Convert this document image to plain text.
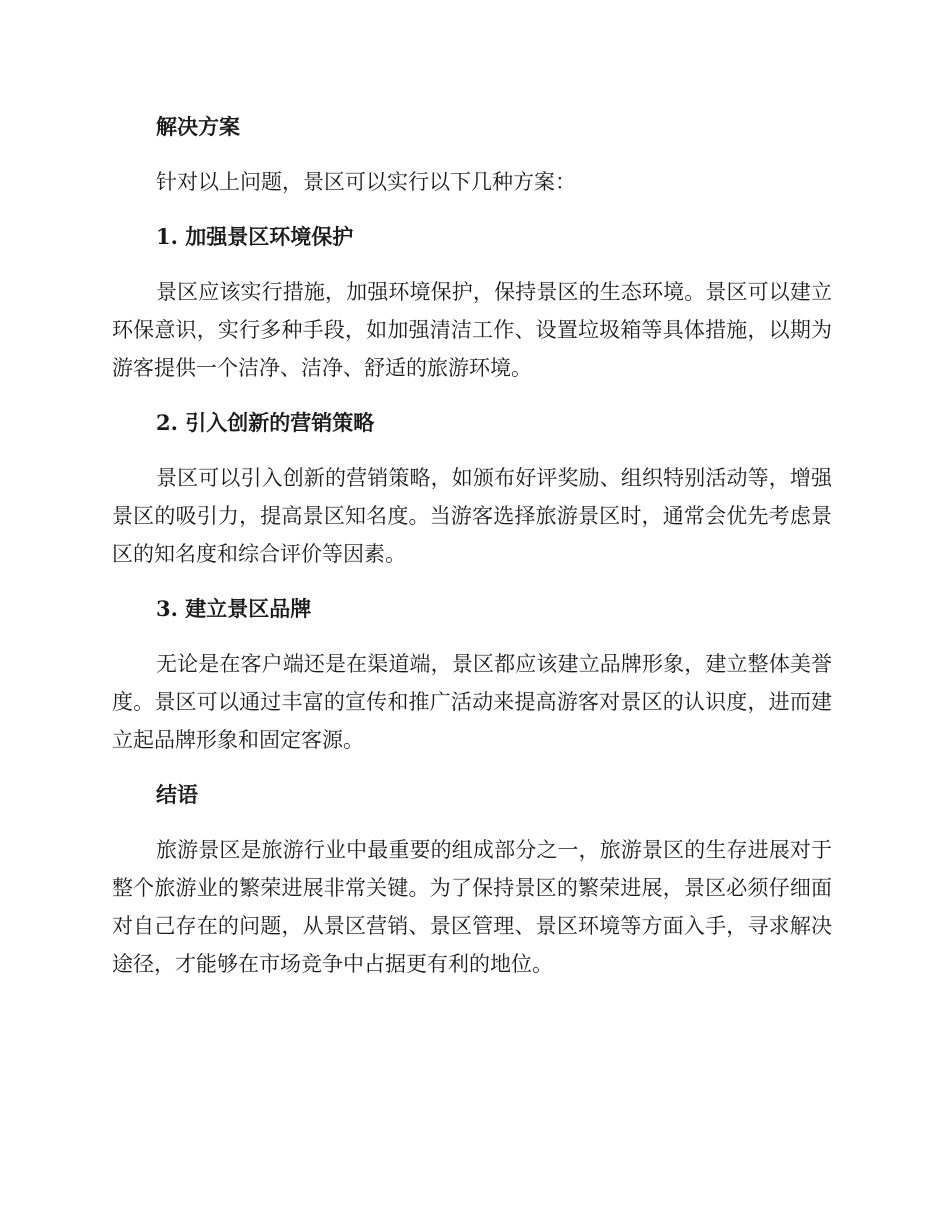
解决方案
针对以上问题，景区可以实行以下几种方案：
1. 加强景区环境保护
景区应该实行措施，加强环境保护，保持景区的生态环境。景区可以建立环保意识，实行多种手段，如加强清洁工作、设置垃圾箱等具体措施，以期为游客提供一个洁净、洁净、舒适的旅游环境。
2. 引入创新的营销策略
景区可以引入创新的营销策略，如颁布好评奖励、组织特别活动等，增强景区的吸引力，提高景区知名度。当游客选择旅游景区时，通常会优先考虑景区的知名度和综合评价等因素。
3. 建立景区品牌
无论是在客户端还是在渠道端，景区都应该建立品牌形象，建立整体美誉度。景区可以通过丰富的宣传和推广活动来提高游客对景区的认识度，进而建立起品牌形象和固定客源。
结语
旅游景区是旅游行业中最重要的组成部分之一，旅游景区的生存进展对于整个旅游业的繁荣进展非常关键。为了保持景区的繁荣进展，景区必须仔细面对自己存在的问题，从景区营销、景区管理、景区环境等方面入手，寻求解决途径，才能够在市场竞争中占据更有利的地位。
